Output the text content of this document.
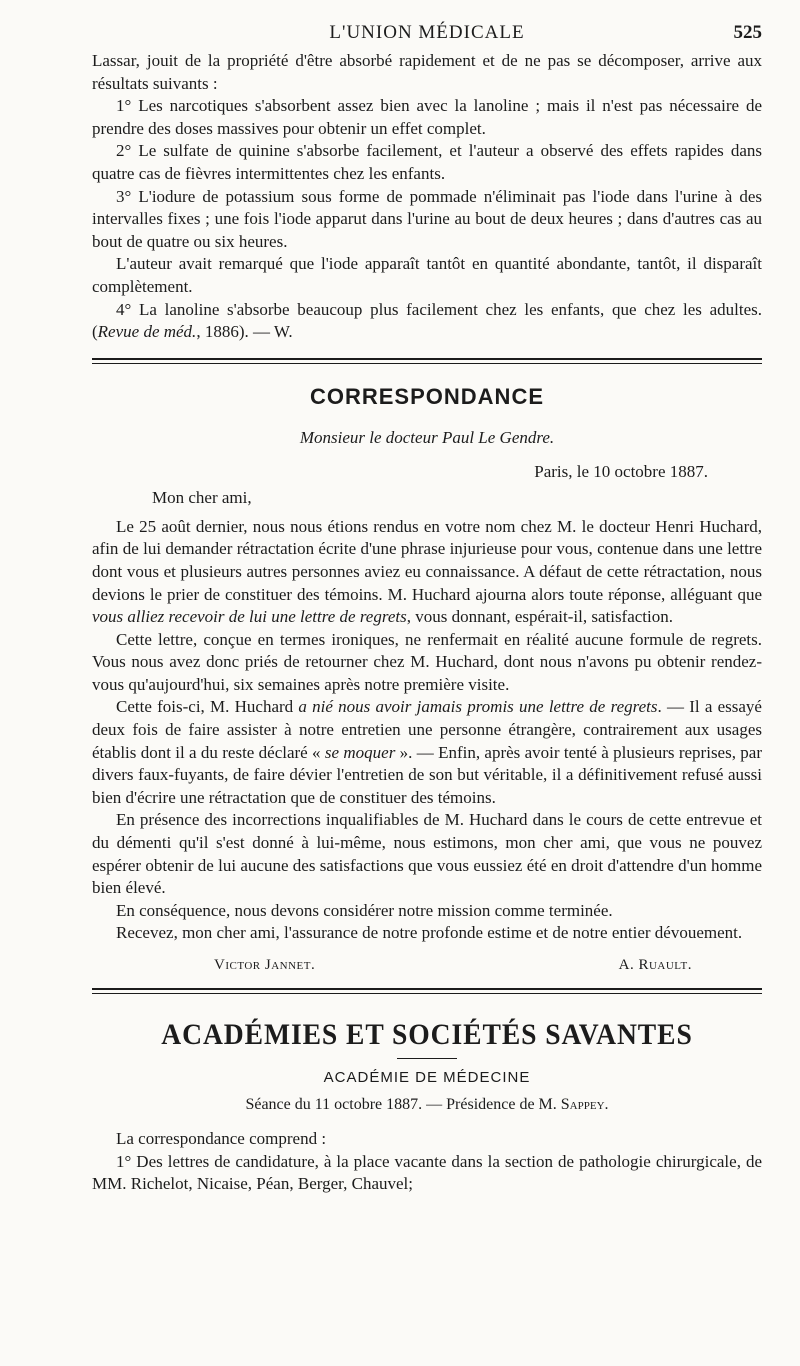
L'UNION MÉDICALE	525

Lassar, jouit de la propriété d'être absorbé rapidement et de ne pas se décomposer, arrive aux résultats suivants :

1° Les narcotiques s'absorbent assez bien avec la lanoline ; mais il n'est pas nécessaire de prendre des doses massives pour obtenir un effet complet.

2° Le sulfate de quinine s'absorbe facilement, et l'auteur a observé des effets rapides dans quatre cas de fièvres intermittentes chez les enfants.

3° L'iodure de potassium sous forme de pommade n'éliminait pas l'iode dans l'urine à des intervalles fixes ; une fois l'iode apparut dans l'urine au bout de deux heures ; dans d'autres cas au bout de quatre ou six heures.

L'auteur avait remarqué que l'iode apparaît tantôt en quantité abondante, tantôt, il disparaît complètement.

4° La lanoline s'absorbe beaucoup plus facilement chez les enfants, que chez les adultes. (Revue de méd., 1886). — W.

CORRESPONDANCE
Monsieur le docteur Paul Le Gendre.
Paris, le 10 octobre 1887.
Mon cher ami,

Le 25 août dernier, nous nous étions rendus en votre nom chez M. le docteur Henri Huchard, afin de lui demander rétractation écrite d'une phrase injurieuse pour vous, contenue dans une lettre dont vous et plusieurs autres personnes aviez eu connaissance. A défaut de cette rétractation, nous devions le prier de constituer des témoins. M. Huchard ajourna alors toute réponse, alléguant que vous alliez recevoir de lui une lettre de regrets, vous donnant, espérait-il, satisfaction.

Cette lettre, conçue en termes ironiques, ne renfermait en réalité aucune formule de regrets. Vous nous avez donc priés de retourner chez M. Huchard, dont nous n'avons pu obtenir rendez-vous qu'aujourd'hui, six semaines après notre première visite.

Cette fois-ci, M. Huchard a nié nous avoir jamais promis une lettre de regrets. — Il a essayé deux fois de faire assister à notre entretien une personne étrangère, contrairement aux usages établis dont il a du reste déclaré « se moquer ». — Enfin, après avoir tenté à plusieurs reprises, par divers faux-fuyants, de faire dévier l'entretien de son but véritable, il a définitivement refusé aussi bien d'écrire une rétractation que de constituer des témoins.

En présence des incorrections inqualifiables de M. Huchard dans le cours de cette entrevue et du démenti qu'il s'est donné à lui-même, nous estimons, mon cher ami, que vous ne pouvez espérer obtenir de lui aucune des satisfactions que vous eussiez été en droit d'attendre d'un homme bien élevé.

En conséquence, nous devons considérer notre mission comme terminée.

Recevez, mon cher ami, l'assurance de notre profonde estime et de notre entier dévouement.

Victor Jannet.	A. Ruault.
ACADÉMIES ET SOCIÉTÉS SAVANTES
ACADÉMIE DE MÉDECINE
Séance du 11 octobre 1887. — Présidence de M. Sappey.

La correspondance comprend :

1° Des lettres de candidature, à la place vacante dans la section de pathologie chirurgicale, de MM. Richelot, Nicaise, Péan, Berger, Chauvel;
